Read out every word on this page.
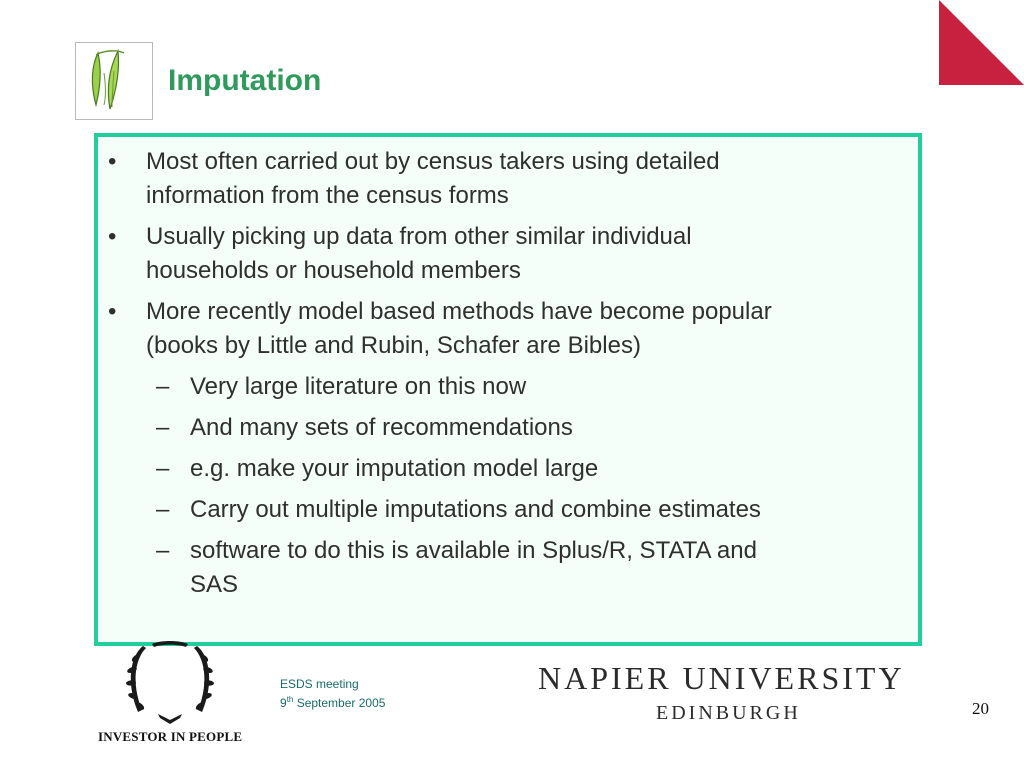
Imputation
•	Most often carried out by census takers using detailed
information from the census forms
•	Usually picking up data from other similar individual
households or household members
•	More recently model based methods have become popular
(books by Little and Rubin, Schafer are Bibles)
– Very large literature on this now
– And many sets of recommendations
– e.g. make your imputation model large
– Carry out multiple imputations and combine estimates
– software to do this is available in Splus/R, STATA and
SAS
INVESTOR IN PEOPLE
ESDS meeting
9th September 2005
NAPIER UNIVERSITY
EDINBURGH	20
